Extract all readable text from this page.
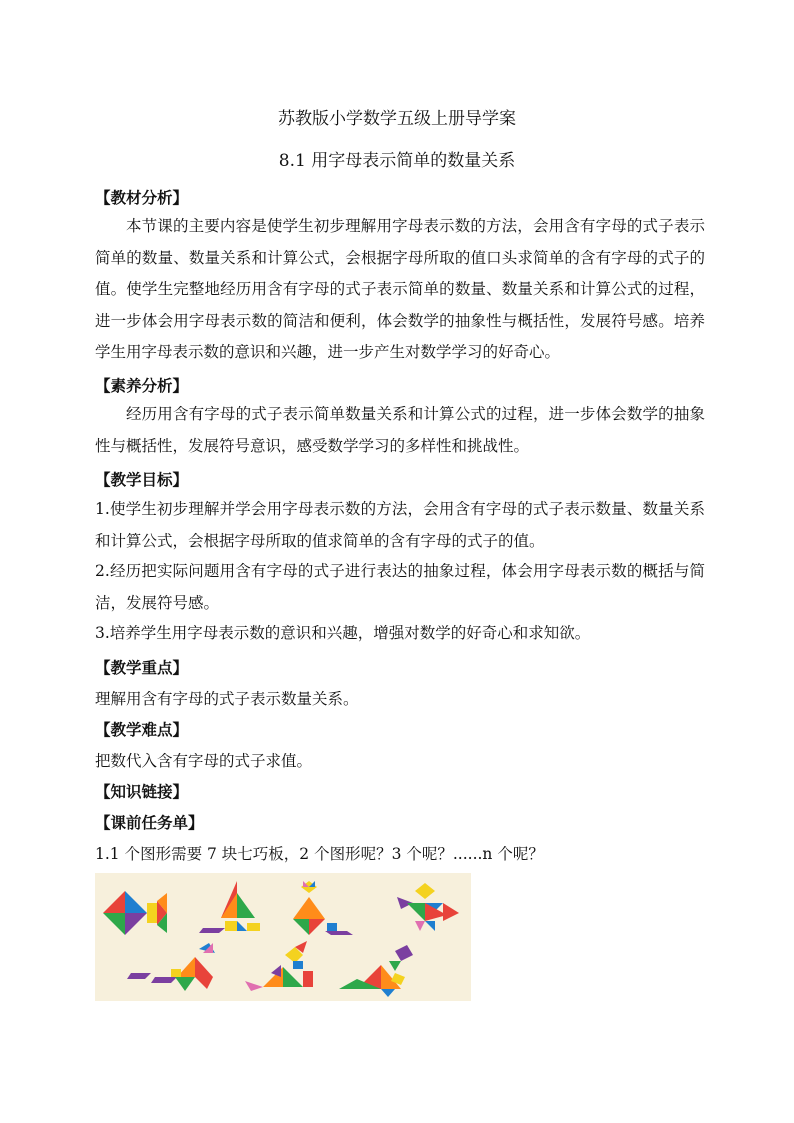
苏教版小学数学五级上册导学案
8.1 用字母表示简单的数量关系
【教材分析】

本节课的主要内容是使学生初步理解用字母表示数的方法，会用含有字母的式子表示简单的数量、数量关系和计算公式，会根据字母所取的值口头求简单的含有字母的式子的值。使学生完整地经历用含有字母的式子表示简单的数量、数量关系和计算公式的过程，进一步体会用字母表示数的简洁和便利，体会数学的抽象性与概括性，发展符号感。培养学生用字母表示数的意识和兴趣，进一步产生对数学学习的好奇心。

【素养分析】

经历用含有字母的式子表示简单数量关系和计算公式的过程，进一步体会数学的抽象性与概括性，发展符号意识，感受数学学习的多样性和挑战性。

【教学目标】

1.使学生初步理解并学会用字母表示数的方法，会用含有字母的式子表示数量、数量关系和计算公式，会根据字母所取的值求简单的含有字母的式子的值。

2.经历把实际问题用含有字母的式子进行表达的抽象过程，体会用字母表示数的概括与简洁，发展符号感。

3.培养学生用字母表示数的意识和兴趣，增强对数学的好奇心和求知欲。

【教学重点】
理解用含有字母的式子表示数量关系。
【教学难点】
把数代入含有字母的式子求值。
【知识链接】
【课前任务单】
1.1 个图形需要 7 块七巧板，2 个图形呢？3 个呢？......n 个呢？
